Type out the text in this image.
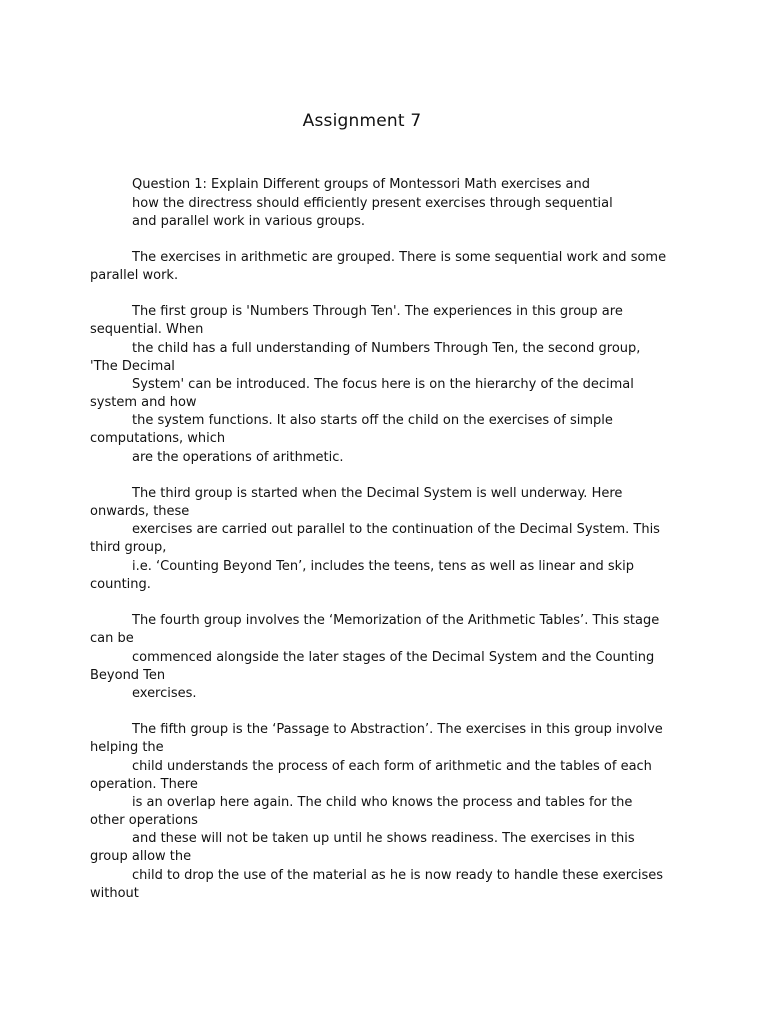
Assignment 7

Question 1: Explain Different groups of Montessori Math exercises and

how the directress should efficiently present exercises through sequential

and parallel work in various groups.

The exercises in arithmetic are grouped. There is some sequential work and some

parallel work.

The first group is 'Numbers Through Ten'. The experiences in this group are

sequential. When

the child has a full understanding of Numbers Through Ten, the second group,

'The Decimal

System' can be introduced. The focus here is on the hierarchy of the decimal

system and how

the system functions. It also starts off the child on the exercises of simple

computations, which

are the operations of arithmetic.

The third group is started when the Decimal System is well underway. Here

onwards, these

exercises are carried out parallel to the continuation of the Decimal System. This

third group,

i.e. ‘Counting Beyond Ten’, includes the teens, tens as well as linear and skip

counting.

The fourth group involves the ‘Memorization of the Arithmetic Tables’. This stage

can be

commenced alongside the later stages of the Decimal System and the Counting

Beyond Ten

exercises.

The fifth group is the ‘Passage to Abstraction’. The exercises in this group involve

helping the

child understands the process of each form of arithmetic and the tables of each

operation. There

is an overlap here again. The child who knows the process and tables for the

other operations

and these will not be taken up until he shows readiness. The exercises in this

group allow the

child to drop the use of the material as he is now ready to handle these exercises

without
